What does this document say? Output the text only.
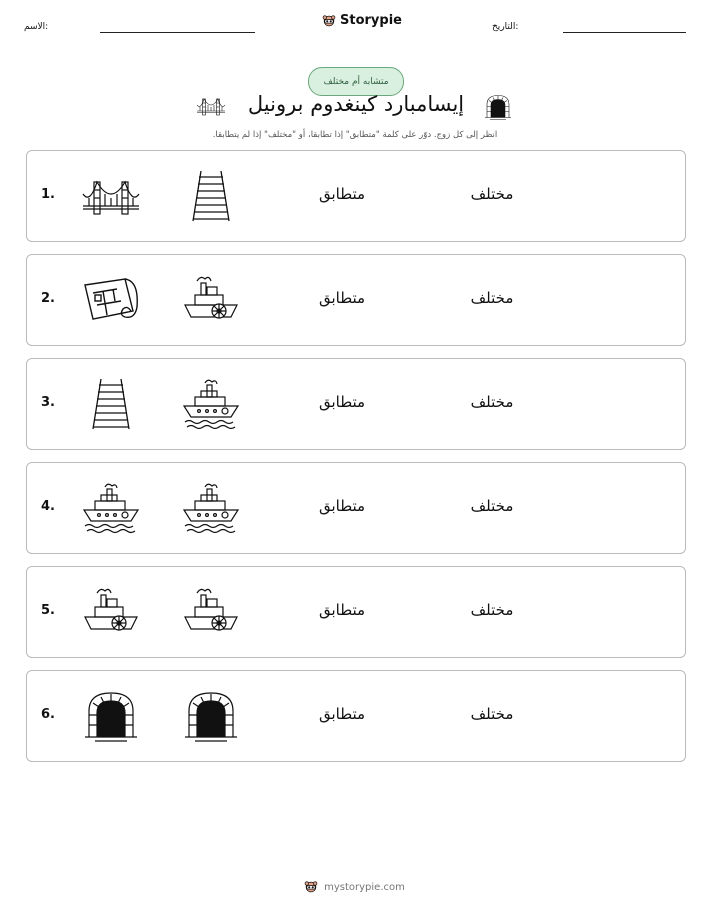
الاسم:	Storypie	التاريخ:
متشابه أم مختلف
إيسامبارد كينغدوم برونيل
انظر إلى كل زوج. دوّر على كلمة "متطابق" إذا تطابقا، أو "مختلف" إذا لم يتطابقا.
1.	متطابق	مختلف
2.	متطابق	مختلف
3.	متطابق	مختلف
4.	متطابق	مختلف
5.	متطابق	مختلف
6.	متطابق	مختلف
mystorypie.com
